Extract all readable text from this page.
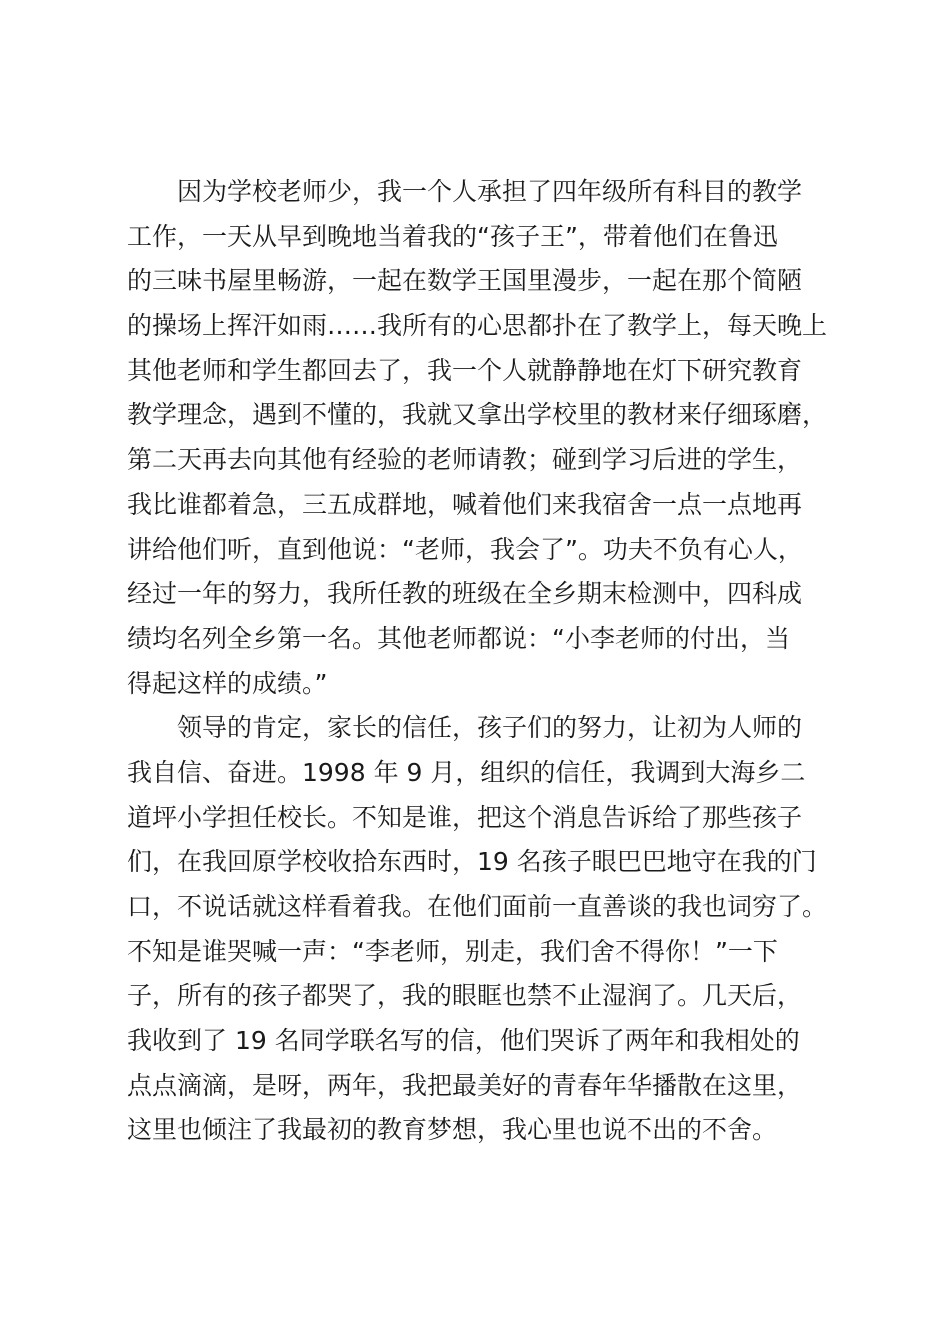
因为学校老师少，我一个人承担了四年级所有科目的教学
工作，一天从早到晚地当着我的“孩子王”，带着他们在鲁迅
的三味书屋里畅游，一起在数学王国里漫步，一起在那个简陋
的操场上挥汗如雨……我所有的心思都扑在了教学上，每天晚上
其他老师和学生都回去了，我一个人就静静地在灯下研究教育
教学理念，遇到不懂的，我就又拿出学校里的教材来仔细琢磨，
第二天再去向其他有经验的老师请教；碰到学习后进的学生，
我比谁都着急，三五成群地，喊着他们来我宿舍一点一点地再
讲给他们听，直到他说：“老师，我会了”。功夫不负有心人，
经过一年的努力，我所任教的班级在全乡期末检测中，四科成
绩均名列全乡第一名。其他老师都说：“小李老师的付出，当
得起这样的成绩。”
领导的肯定，家长的信任，孩子们的努力，让初为人师的
我自信、奋进。1998 年 9 月，组织的信任，我调到大海乡二
道坪小学担任校长。不知是谁，把这个消息告诉给了那些孩子
们，在我回原学校收拾东西时，19 名孩子眼巴巴地守在我的门
口，不说话就这样看着我。在他们面前一直善谈的我也词穷了。
不知是谁哭喊一声：“李老师，别走，我们舍不得你！”一下
子，所有的孩子都哭了，我的眼眶也禁不止湿润了。几天后，
我收到了 19 名同学联名写的信，他们哭诉了两年和我相处的
点点滴滴，是呀，两年，我把最美好的青春年华播散在这里，
这里也倾注了我最初的教育梦想，我心里也说不出的不舍。
